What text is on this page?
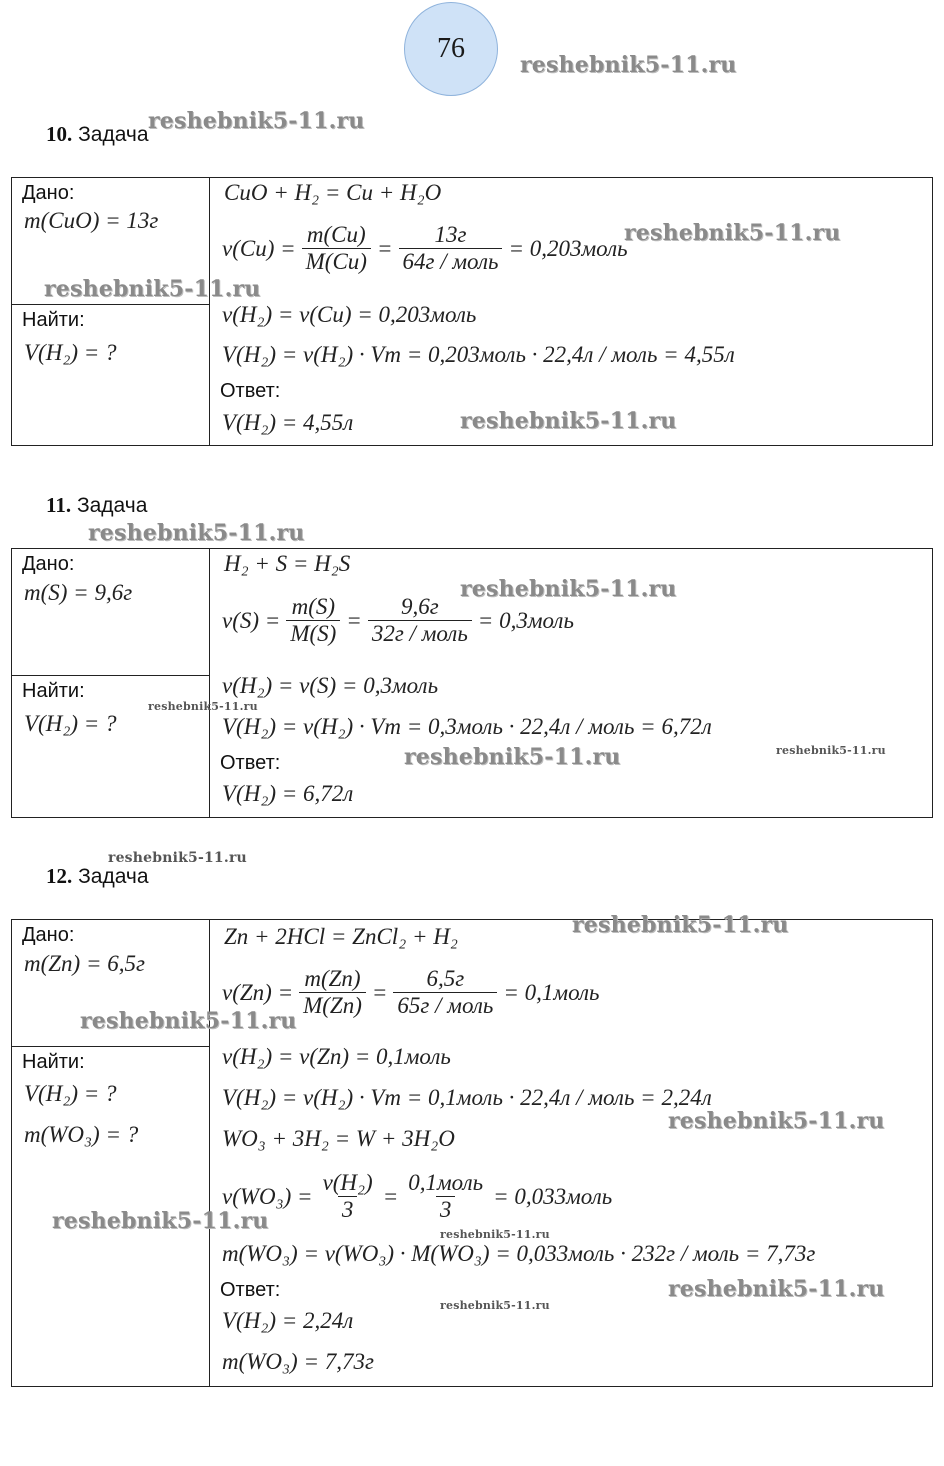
76
reshebnik5-11.ru
10. Задача
reshebnik5-11.ru
Дано:
m(CuO) = 13г
Найти:
V(H₂) = ?
CuO + H₂ = Cu + H₂O
$\nu(Cu) = \frac{m(Cu)}{M(Cu)} = \frac{13г}{\text{64г / моль}}$ = 0,203моль
ν(H₂) = ν(Cu) = 0,203моль
V(H₂) = ν(H₂) · Vm = 0,203моль · 22,4л / моль = 4,55л
Ответ:
V(H₂) = 4,55л
reshebnik5-11.ru
reshebnik5-11.ru
reshebnik5-11.ru
11. Задача
reshebnik5-11.ru
Дано:
m(S) = 9,6г
Найти:
V(H₂) = ?
H₂ + S = H₂S
$\nu(S) = \frac{m(S)}{M(S)} = \frac{9,6г}{\text{32г / моль}}$ = 0,3моль
ν(H₂) = ν(S) = 0,3моль
V(H₂) = ν(H₂) · Vm = 0,3моль · 22,4л / моль = 6,72л
Ответ:
V(H₂) = 6,72л
reshebnik5-11.ru
reshebnik5-11.ru
reshebnik5-11.ru	reshebnik5-11.ru
reshebnik5-11.ru
12. Задача
Дано:
m(Zn) = 6,5г
Найти:
V(H₂) = ?
m(WO₃) = ?
Zn + 2HCl = ZnCl₂ + H₂
$\nu(Zn) = \frac{m(Zn)}{M(Zn)} = \frac{6,5г}{\text{65г / моль}}$ = 0,1моль
ν(H₂) = ν(Zn) = 0,1моль
V(H₂) = ν(H₂) · Vm = 0,1моль · 22,4л / моль = 2,24л
WO₃ + 3H₂ = W + 3H₂O
$\nu(WO_3) = \frac{\text{ν(H₂)}}{3} = \frac{\text{0,1моль}}{3}$ = 0,033моль
m(WO₃) = ν(WO₃) · M(WO₃) = 0,033моль · 232г / моль = 7,73г
Ответ:
V(H₂) = 2,24л
m(WO₃) = 7,73г
reshebnik5-11.ru
reshebnik5-11.ru
reshebnik5-11.ru
reshebnik5-11.ru
reshebnik5-11.ru
reshebnik5-11.ru
reshebnik5-11.ru
